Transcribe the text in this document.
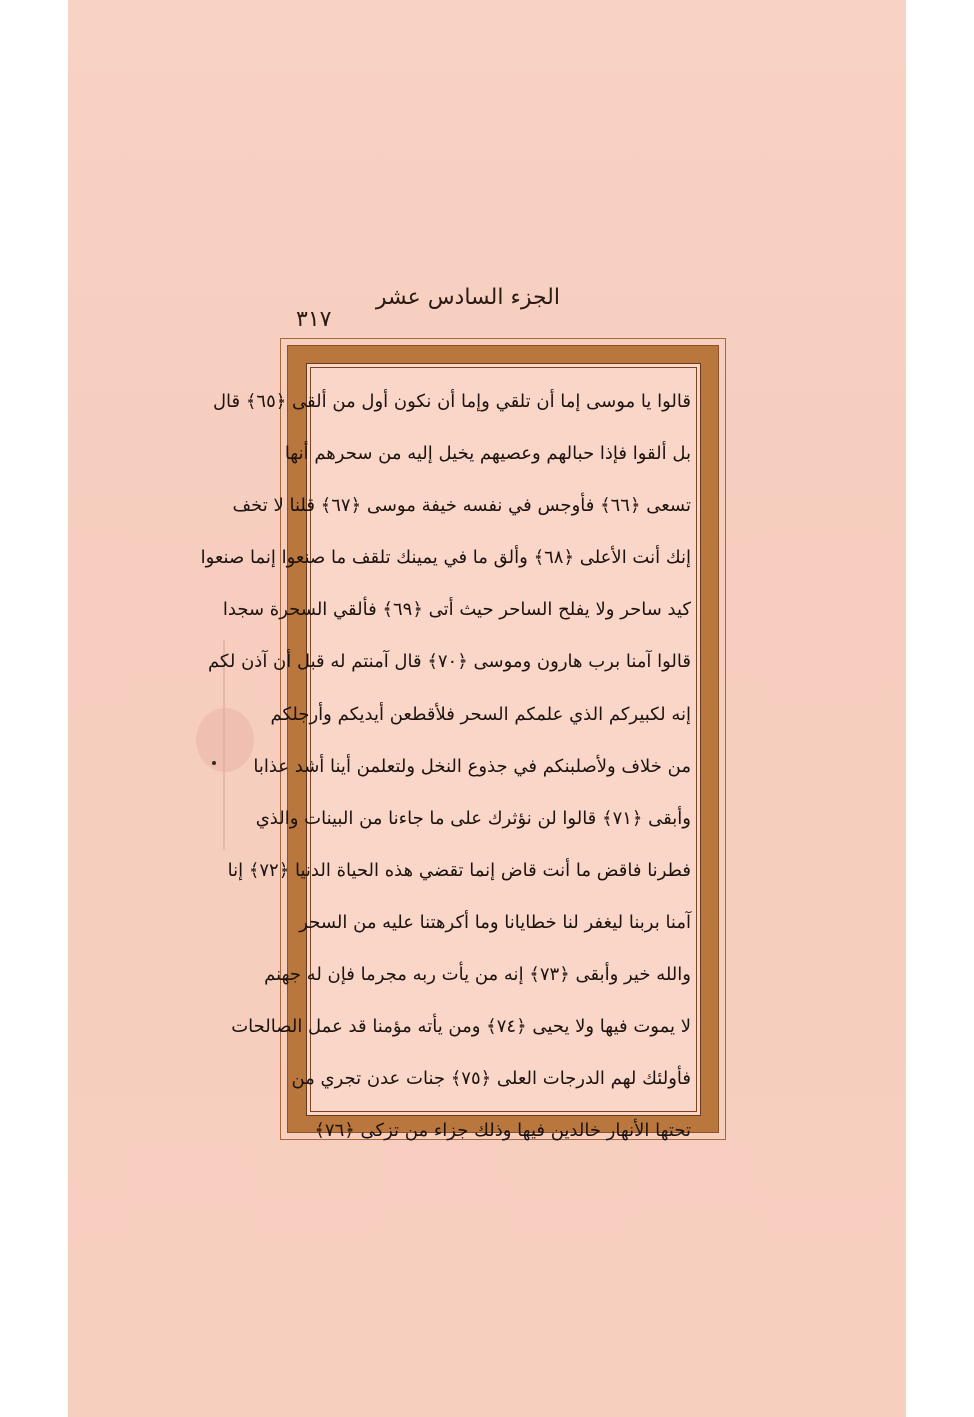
الجزء السادس عشر
٣١٧
قالوا يا موسى إما أن تلقي وإما أن نكون أول من ألقى ﴿٦٥﴾ قال
بل ألقوا فإذا حبالهم وعصيهم يخيل إليه من سحرهم أنها
تسعى ﴿٦٦﴾ فأوجس في نفسه خيفة موسى ﴿٦٧﴾ قلنا لا تخف
إنك أنت الأعلى ﴿٦٨﴾ وألق ما في يمينك تلقف ما صنعوا إنما صنعوا
كيد ساحر ولا يفلح الساحر حيث أتى ﴿٦٩﴾ فألقي السحرة سجدا
قالوا آمنا برب هارون وموسى ﴿٧٠﴾ قال آمنتم له قبل أن آذن لكم
إنه لكبيركم الذي علمكم السحر فلأقطعن أيديكم وأرجلكم
من خلاف ولأصلبنكم في جذوع النخل ولتعلمن أينا أشد عذابا
وأبقى ﴿٧١﴾ قالوا لن نؤثرك على ما جاءنا من البينات والذي
فطرنا فاقض ما أنت قاض إنما تقضي هذه الحياة الدنيا ﴿٧٢﴾ إنا
آمنا بربنا ليغفر لنا خطايانا وما أكرهتنا عليه من السحر
والله خير وأبقى ﴿٧٣﴾ إنه من يأت ربه مجرما فإن له جهنم
لا يموت فيها ولا يحيى ﴿٧٤﴾ ومن يأته مؤمنا قد عمل الصالحات
فأولئك لهم الدرجات العلى ﴿٧٥﴾ جنات عدن تجري من
تحتها الأنهار خالدين فيها وذلك جزاء من تزكى ﴿٧٦﴾
